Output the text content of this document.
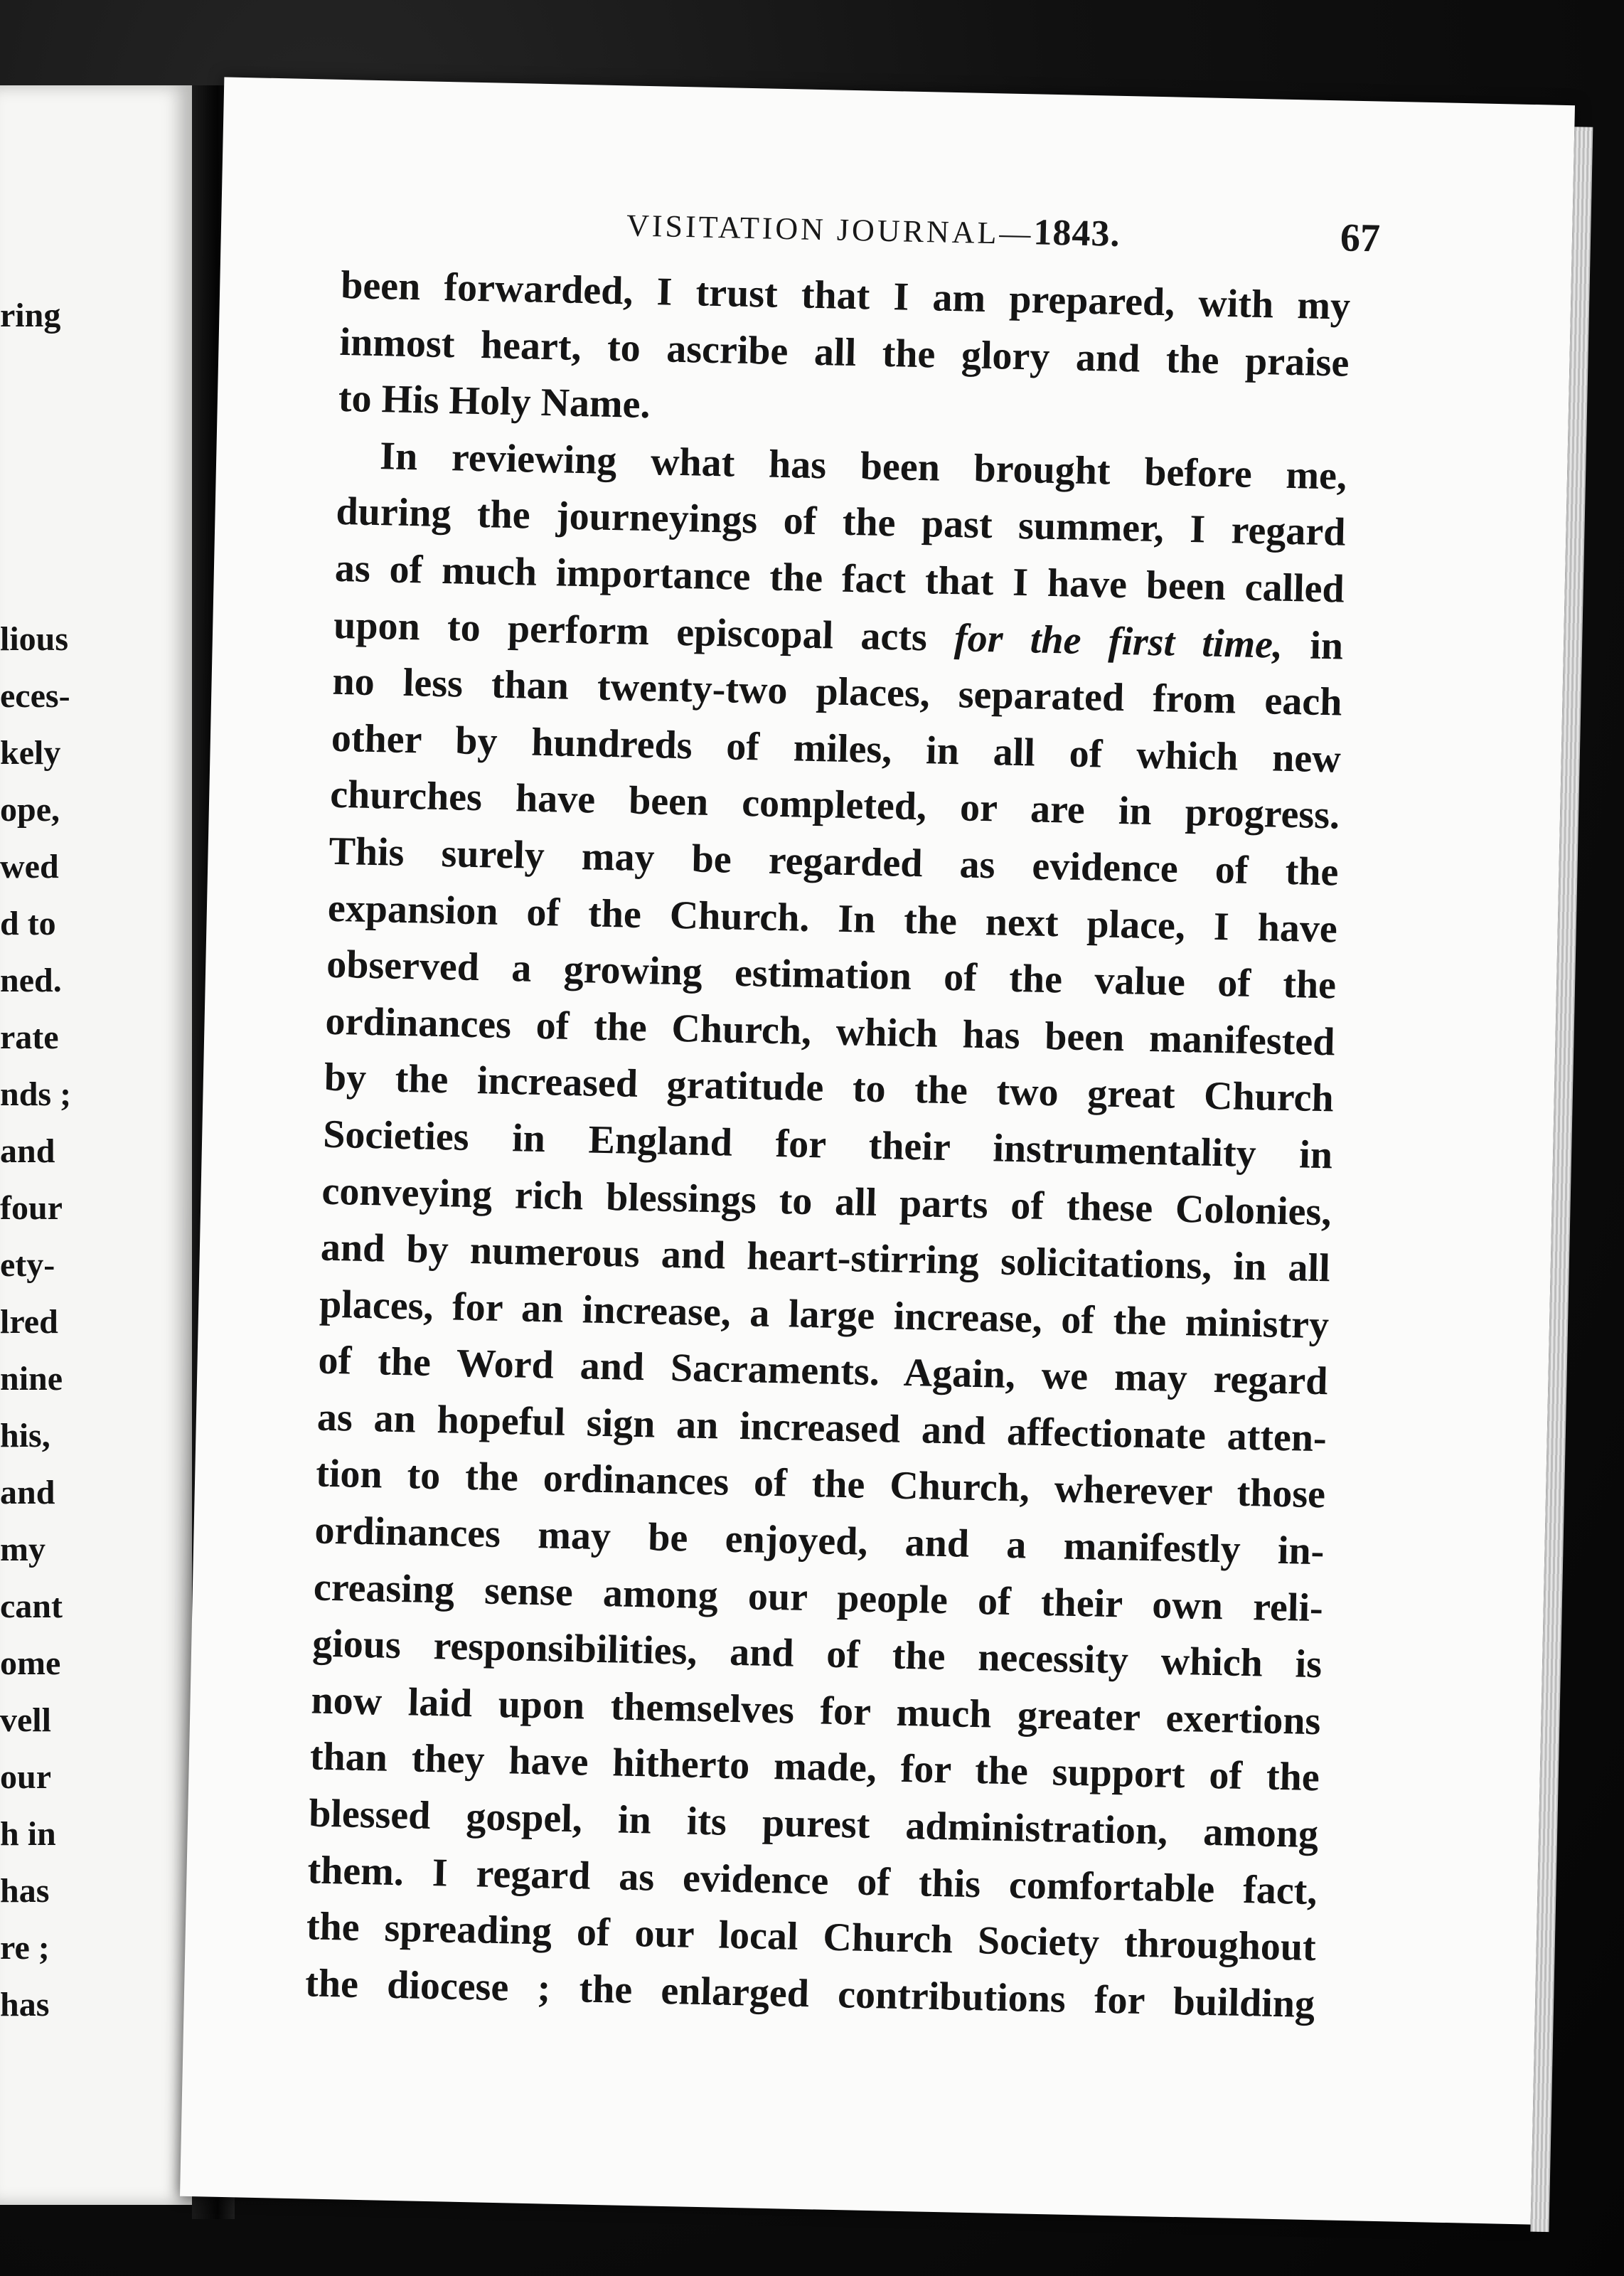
ring
lious
eces-
kely
ope,
wed
d to
ned.
rate
nds ;
and
four
ety-
lred
nine
his,
and
my
cant
ome
vell
our
h in
has
re ;
has
VISITATION JOURNAL—1843.	67
been forwarded, I trust that I am prepared, with my
inmost heart, to ascribe all the glory and the praise
to His Holy Name.
In reviewing what has been brought before me,
during the journeyings of the past summer, I regard
as of much importance the fact that I have been called
upon to perform episcopal acts for the first time, in
no less than twenty-two places, separated from each
other by hundreds of miles, in all of which new
churches have been completed, or are in progress.
This surely may be regarded as evidence of the
expansion of the Church. In the next place, I have
observed a growing estimation of the value of the
ordinances of the Church, which has been manifested
by the increased gratitude to the two great Church
Societies in England for their instrumentality in
conveying rich blessings to all parts of these Colonies,
and by numerous and heart-stirring solicitations, in all
places, for an increase, a large increase, of the ministry
of the Word and Sacraments. Again, we may regard
as an hopeful sign an increased and affectionate atten-
tion to the ordinances of the Church, wherever those
ordinances may be enjoyed, and a manifestly in-
creasing sense among our people of their own reli-
gious responsibilities, and of the necessity which is
now laid upon themselves for much greater exertions
than they have hitherto made, for the support of the
blessed gospel, in its purest administration, among
them. I regard as evidence of this comfortable fact,
the spreading of our local Church Society throughout
the diocese ; the enlarged contributions for building
